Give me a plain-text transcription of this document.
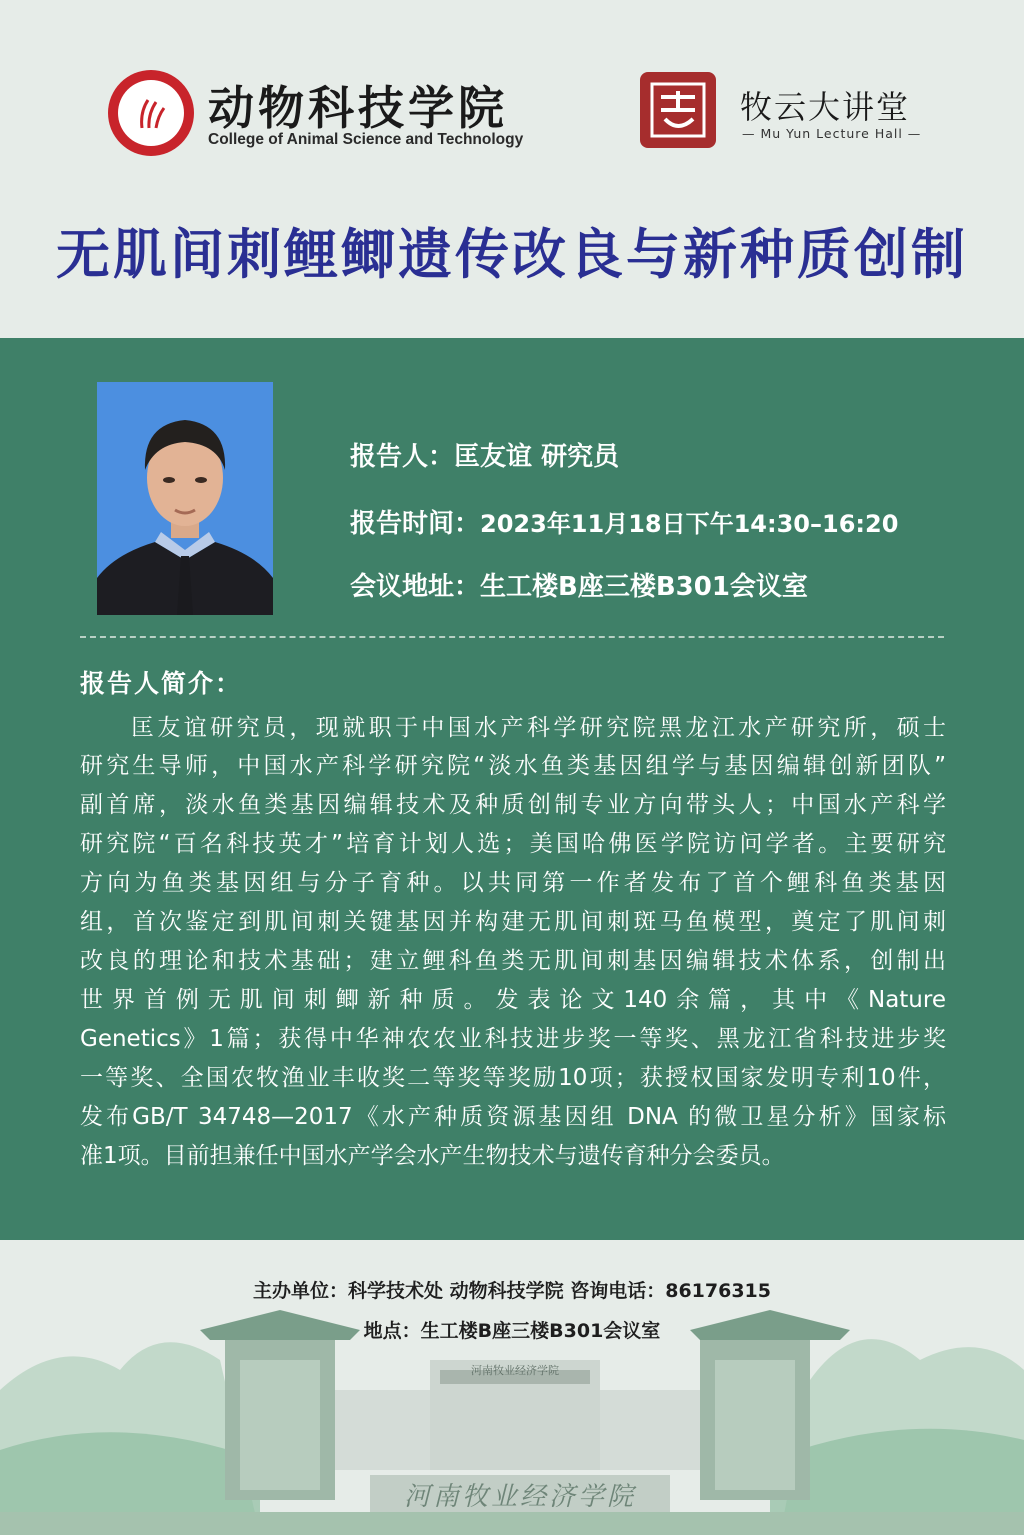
动物科技学院
College of Animal Science and Technology
牧云大讲堂
— Mu Yun Lecture Hall —
无肌间刺鲤鲫遗传改良与新种质创制
报告人：匡友谊 研究员
报告时间：2023年11月18日下午14:30–16:20
会议地址：生工楼B座三楼B301会议室
报告人简介：
匡友谊研究员，现就职于中国水产科学研究院黑龙江水产研究所，硕士
研究生导师，中国水产科学研究院“淡水鱼类基因组学与基因编辑创新团队”
副首席，淡水鱼类基因编辑技术及种质创制专业方向带头人；中国水产科学
研究院“百名科技英才”培育计划人选；美国哈佛医学院访问学者。主要研究
方向为鱼类基因组与分子育种。以共同第一作者发布了首个鲤科鱼类基因
组，首次鉴定到肌间刺关键基因并构建无肌间刺斑马鱼模型，奠定了肌间刺
改良的理论和技术基础；建立鲤科鱼类无肌间刺基因编辑技术体系，创制出
世界首例无肌间刺鲫新种质。发表论文140余篇，其中《Nature
Genetics》1篇；获得中华神农农业科技进步奖一等奖、黑龙江省科技进步奖
一等奖、全国农牧渔业丰收奖二等奖等奖励10项；获授权国家发明专利10件，
发布GB/T 34748—2017《水产种质资源基因组 DNA 的微卫星分析》国家标
准1项。目前担兼任中国水产学会水产生物技术与遗传育种分会委员。
河南牧业经济学院
河南牧业经济学院
主办单位：科学技术处 动物科技学院 咨询电话：86176315
地点：生工楼B座三楼B301会议室
